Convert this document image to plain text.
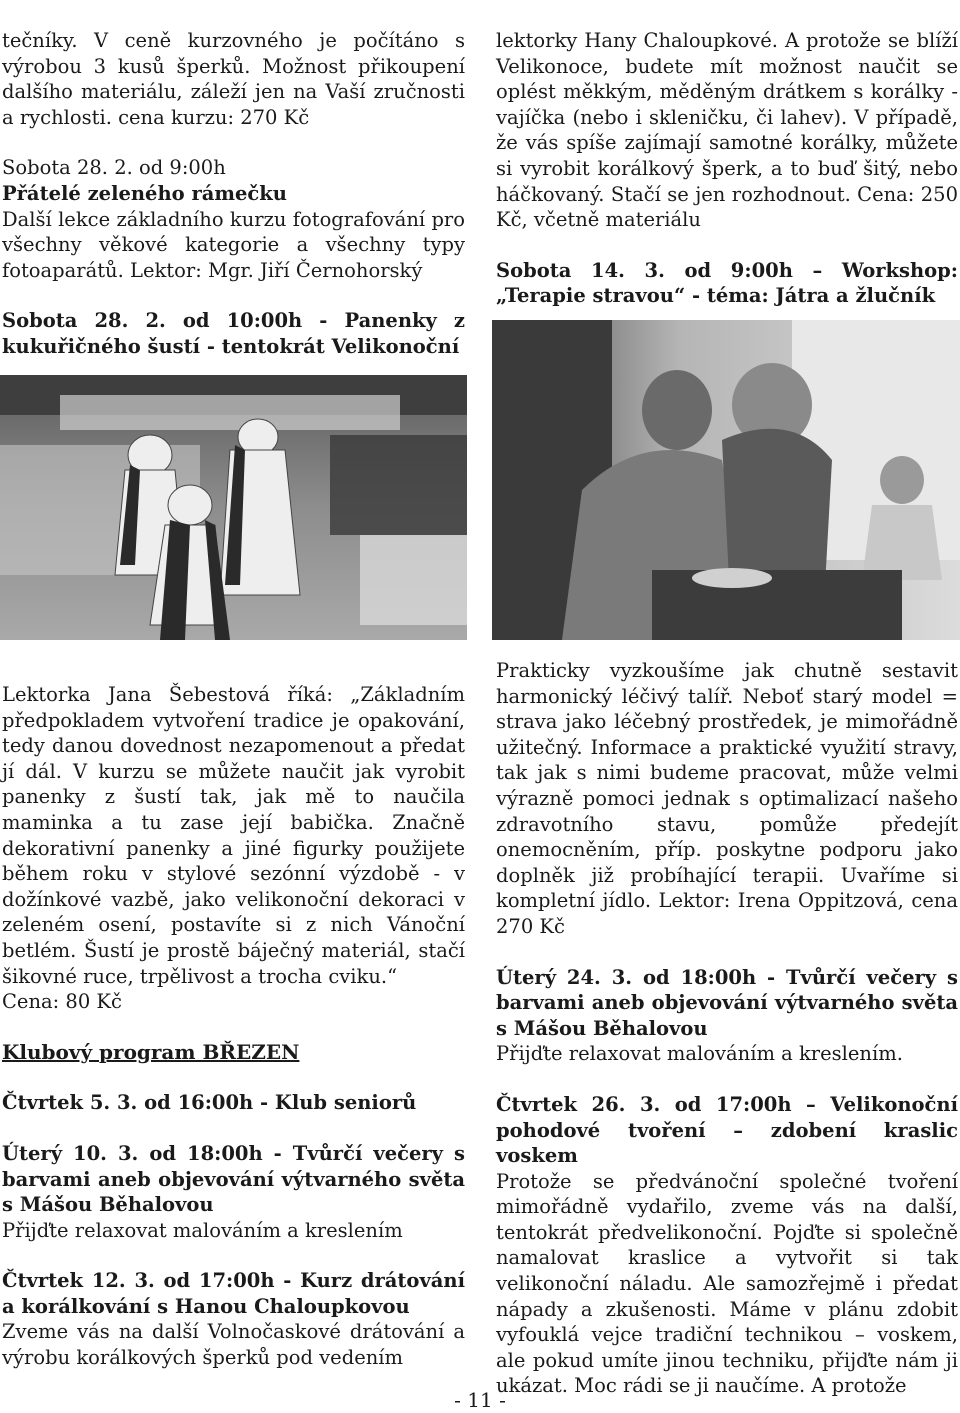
tečníky. V ceně kurzovného je počítáno s výrobou 3 kusů šperků. Možnost přikoupení dalšího materiálu, záleží jen na Vaší zručnosti a rychlosti. cena kurzu: 270 Kč

Sobota 28. 2. od 9:00h

Přátelé zeleného rámečku

Další lekce základního kurzu fotografování pro všechny věkové kategorie a všechny typy fotoaparátů. Lektor: Mgr. Jiří Černohorský

Sobota 28. 2. od 10:00h - Panenky z kukuřičného šustí - tentokrát Velikonoční

lektorky Hany Chaloupkové. A protože se blíží Velikonoce, budete mít možnost naučit se oplést měkkým, měděným drátkem s korálky - vajíčka (nebo i skleničku, či lahev). V případě, že vás spíše zajímají samotné korálky, můžete si vyrobit korálkový šperk, a to buď šitý, nebo háčkovaný. Stačí se jen rozhodnout. Cena: 250 Kč, včetně materiálu

Sobota 14. 3. od 9:00h – Workshop: „Terapie stravou“ - téma: Játra a žlučník

Lektorka Jana Šebestová říká: „Základním předpokladem vytvoření tradice je opakování, tedy danou dovednost nezapomenout a předat jí dál. V kurzu se můžete naučit jak vyrobit panenky z šustí tak, jak mě to naučila maminka a tu zase její babička. Značně dekorativní panenky a jiné figurky použijete během roku v stylové sezónní výzdobě - v dožínkové vazbě, jako velikonoční dekoraci v zeleném osení, postavíte si z nich Vánoční betlém. Šustí je prostě báječný materiál, stačí šikovné ruce, trpělivost a trocha cviku.“

Cena: 80 Kč

Klubový program BŘEZEN

Čtvrtek 5. 3. od 16:00h - Klub seniorů

Úterý 10. 3. od 18:00h - Tvůrčí večery s barvami aneb objevování výtvarného světa s Mášou Běhalovou

Přijďte relaxovat malováním a kreslením

Čtvrtek 12. 3. od 17:00h - Kurz drátování a korálkování s Hanou Chaloupkovou

Zveme vás na další Volnočaskové drátování a výrobu korálkových šperků pod vedením

Prakticky vyzkoušíme jak chutně sestavit harmonický léčivý talíř. Neboť starý model = strava jako léčebný prostředek, je mimořádně užitečný. Informace a praktické využití stravy, tak jak s nimi budeme pracovat, může velmi výrazně pomoci jednak s optimalizací našeho zdravotního stavu, pomůže předejít onemocněním, příp. poskytne podporu jako doplněk již probíhající terapii. Uvaříme si kompletní jídlo. Lektor: Irena Oppitzová, cena 270 Kč

Úterý 24. 3. od 18:00h - Tvůrčí večery s barvami aneb objevování výtvarného světa s Mášou Běhalovou

Přijďte relaxovat malováním a kreslením.

Čtvrtek 26. 3. od 17:00h – Velikonoční pohodové tvoření – zdobení kraslic voskem

Protože se předvánoční společné tvoření mimořádně vydařilo, zveme vás na další, tentokrát předvelikonoční. Pojďte si společně namalovat kraslice a vytvořit si tak velikonoční náladu. Ale samozřejmě i předat nápady a zkušenosti. Máme v plánu zdobit vyfouklá vejce tradiční technikou – voskem, ale pokud umíte jinou techniku, přijďte nám ji ukázat. Moc rádi se ji naučíme. A protože

- 11 -
